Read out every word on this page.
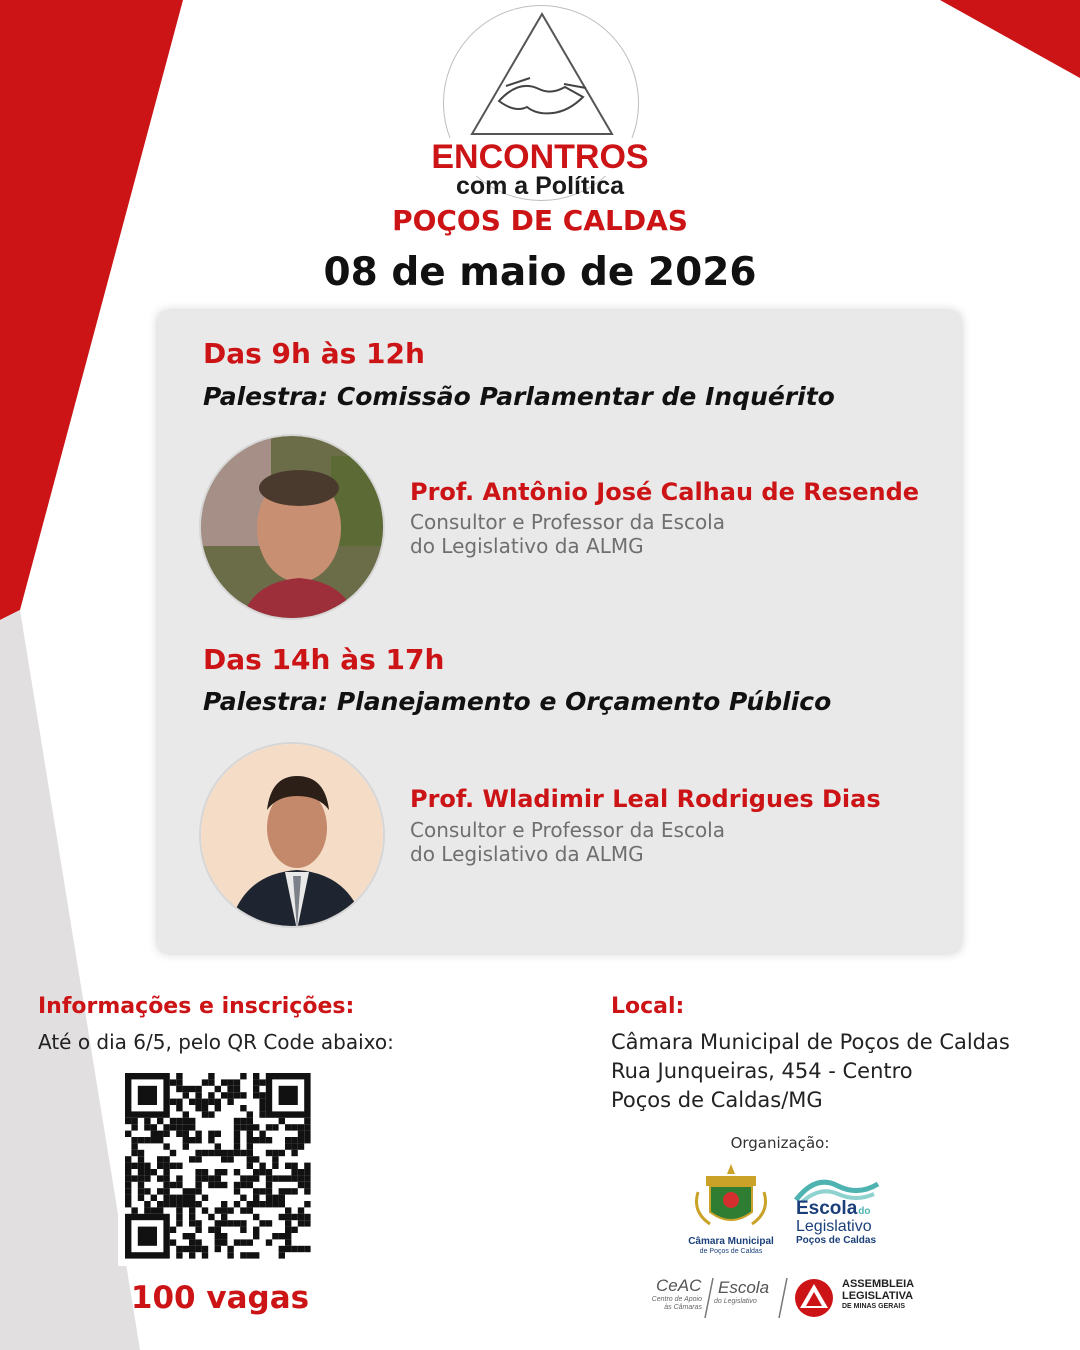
ENCONTROS
com a Política
POÇOS DE CALDAS
08 de maio de 2026
Das 9h às 12h
Palestra: Comissão Parlamentar de Inquérito
Prof. Antônio José Calhau de Resende
Consultor e Professor da Escola
do Legislativo da ALMG
Das 14h às 17h
Palestra: Planejamento e Orçamento Público
Prof. Wladimir Leal Rodrigues Dias
Consultor e Professor da Escola
do Legislativo da ALMG
Informações e inscrições:
Até o dia 6/5, pelo QR Code abaixo:
100 vagas
Local:
Câmara Municipal de Poços de Caldas
Rua Junqueiras, 454 - Centro
Poços de Caldas/MG
Organização:
Câmara Municipal
de Poços de Caldas
Escolado
Legislativo
Poços de Caldas
CeAC
Centro de Apoio
às Câmaras
Escola
do Legislativo
ASSEMBLEIA
LEGISLATIVA
DE MINAS GERAIS
